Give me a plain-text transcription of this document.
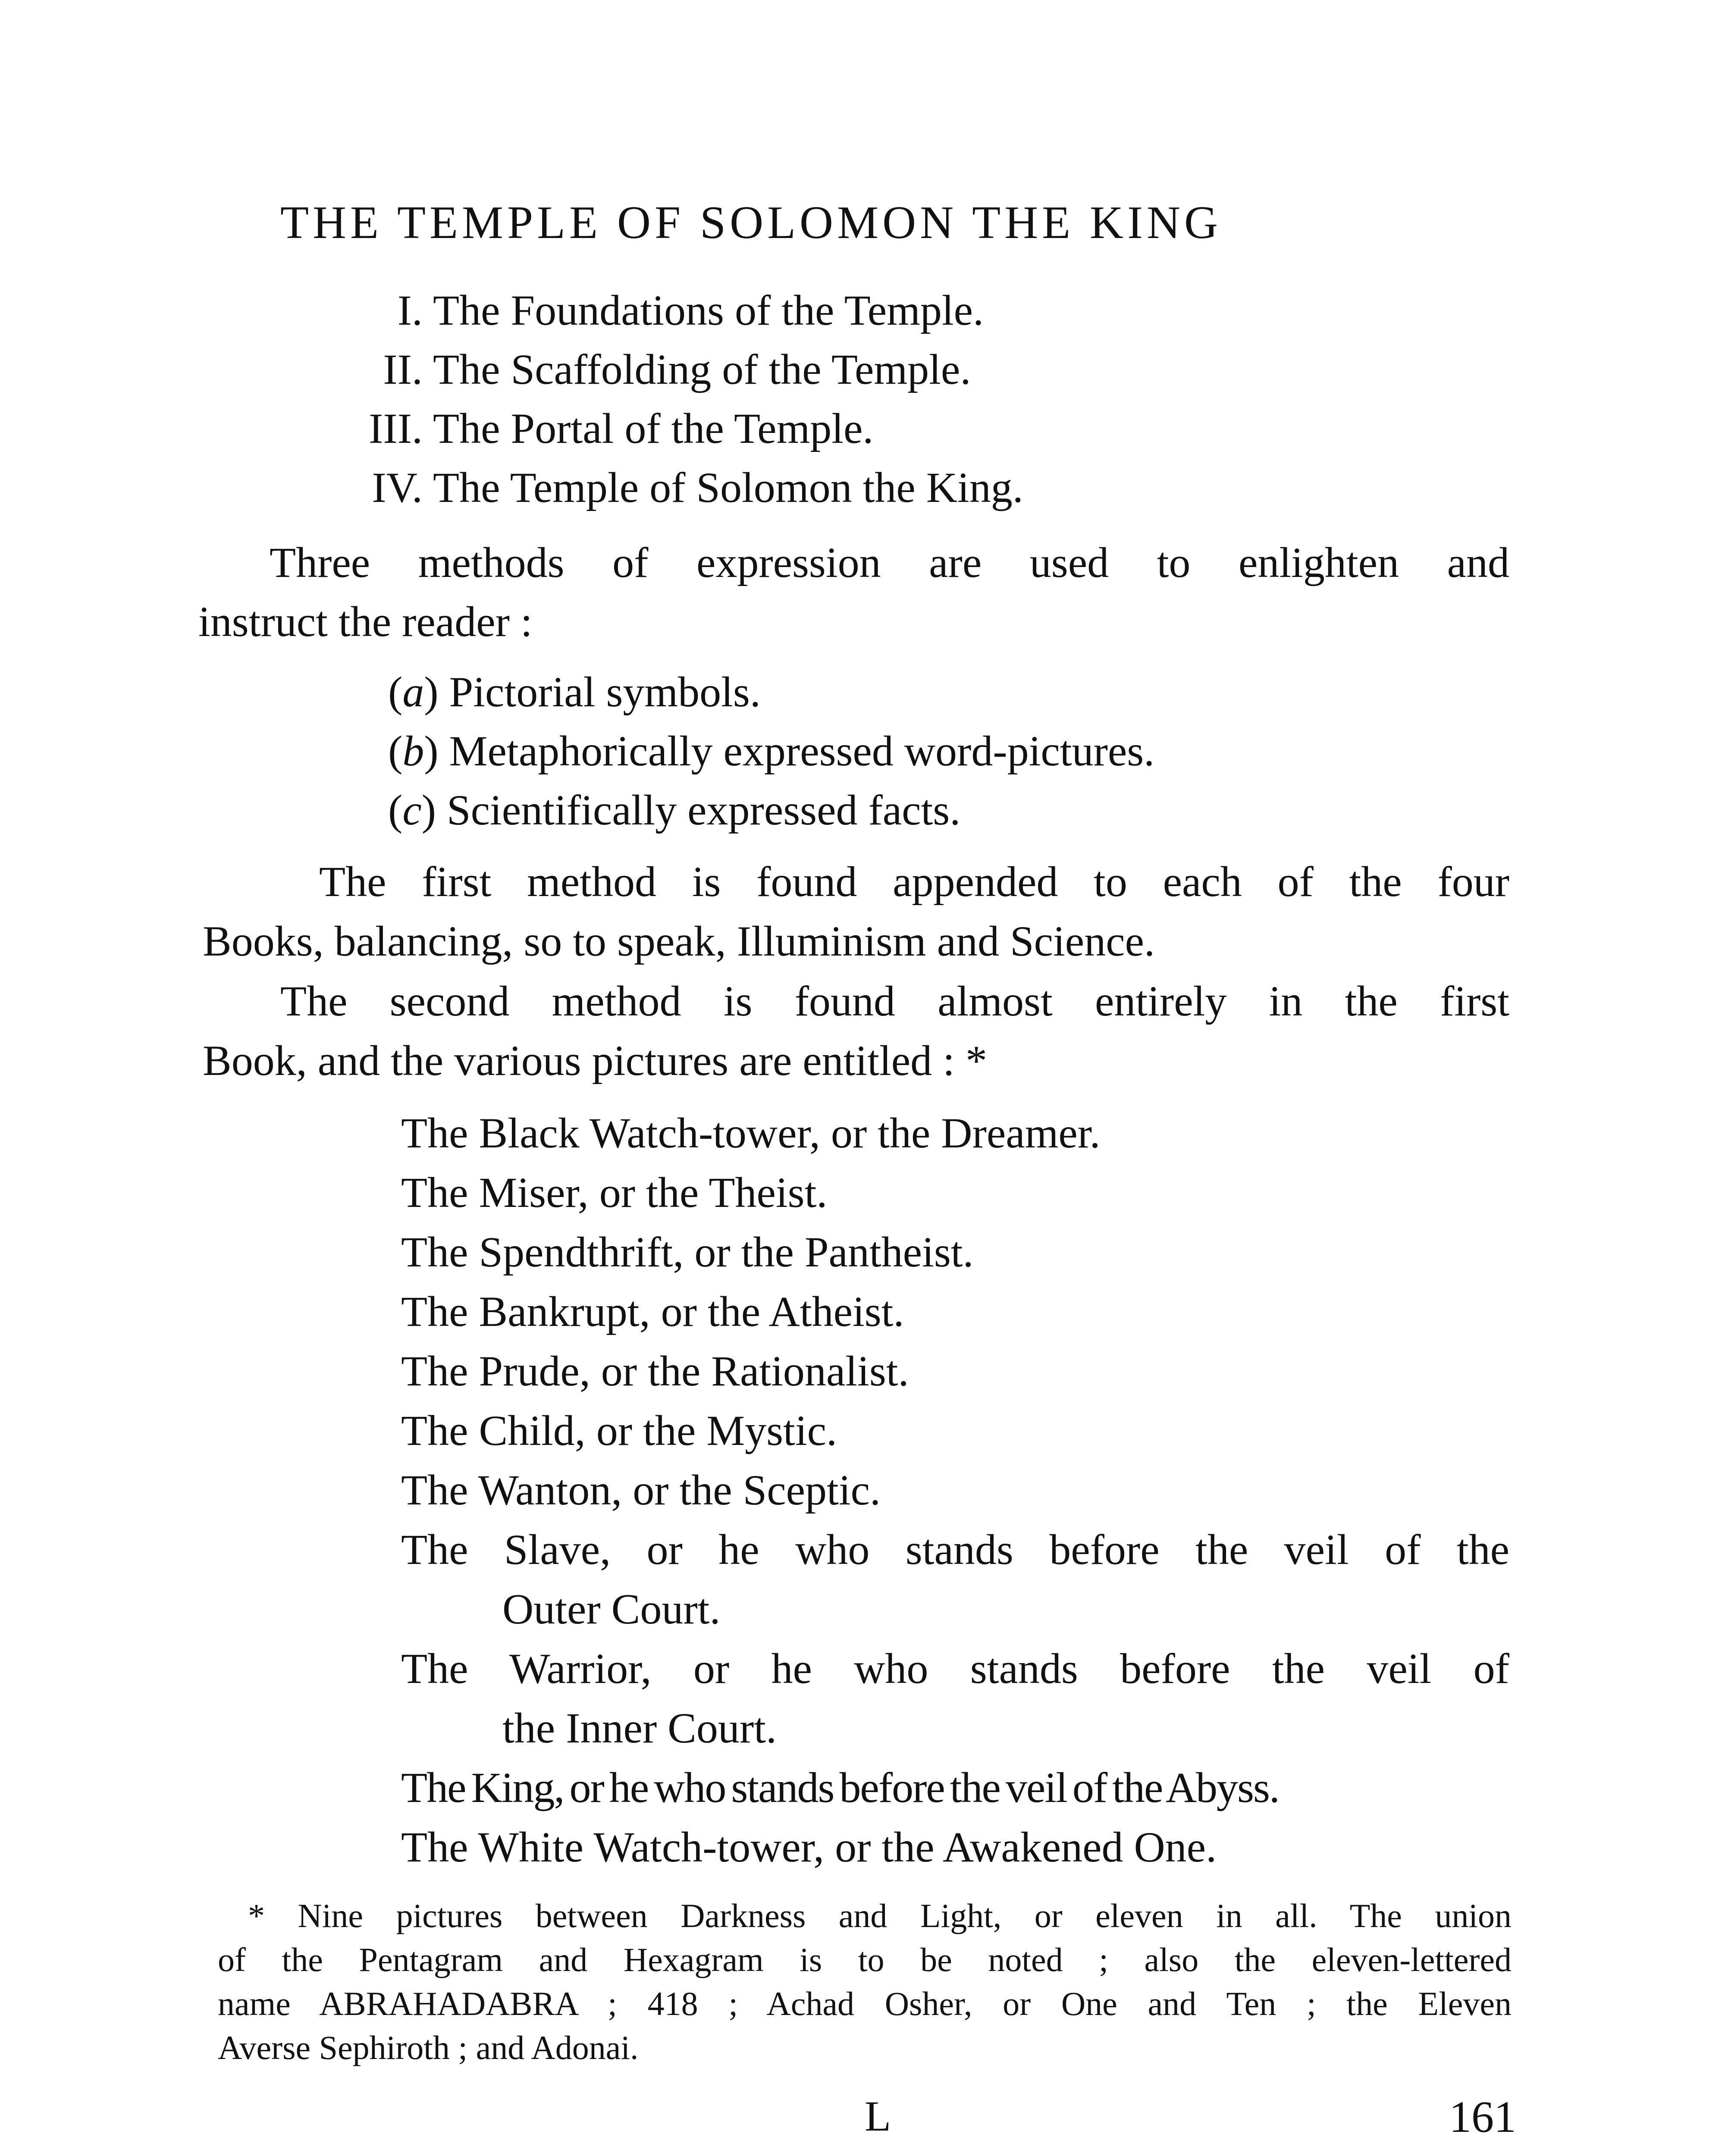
THE TEMPLE OF SOLOMON THE KING
I. The Foundations of the Temple.
II. The Scaffolding of the Temple.
III. The Portal of the Temple.
IV. The Temple of Solomon the King.
Three methods of expression are used to enlighten and
instruct the reader :
(a) Pictorial symbols.
(b) Metaphorically expressed word-pictures.
(c) Scientifically expressed facts.
The first method is found appended to each of the four
Books, balancing, so to speak, Illuminism and Science.
The second method is found almost entirely in the first
Book, and the various pictures are entitled : *
The Black Watch-tower, or the Dreamer.
The Miser, or the Theist.
The Spendthrift, or the Pantheist.
The Bankrupt, or the Atheist.
The Prude, or the Rationalist.
The Child, or the Mystic.
The Wanton, or the Sceptic.
The Slave, or he who stands before the veil of the
Outer Court.
The Warrior, or he who stands before the veil of
the Inner Court.
The King, or he who stands before the veil of the Abyss.
The White Watch-tower, or the Awakened One.
* Nine pictures between Darkness and Light, or eleven in all. The union
of the Pentagram and Hexagram is to be noted ; also the eleven-lettered
name ABRAHADABRA ; 418 ; Achad Osher, or One and Ten ; the Eleven
Averse Sephiroth ; and Adonai.
L	161
